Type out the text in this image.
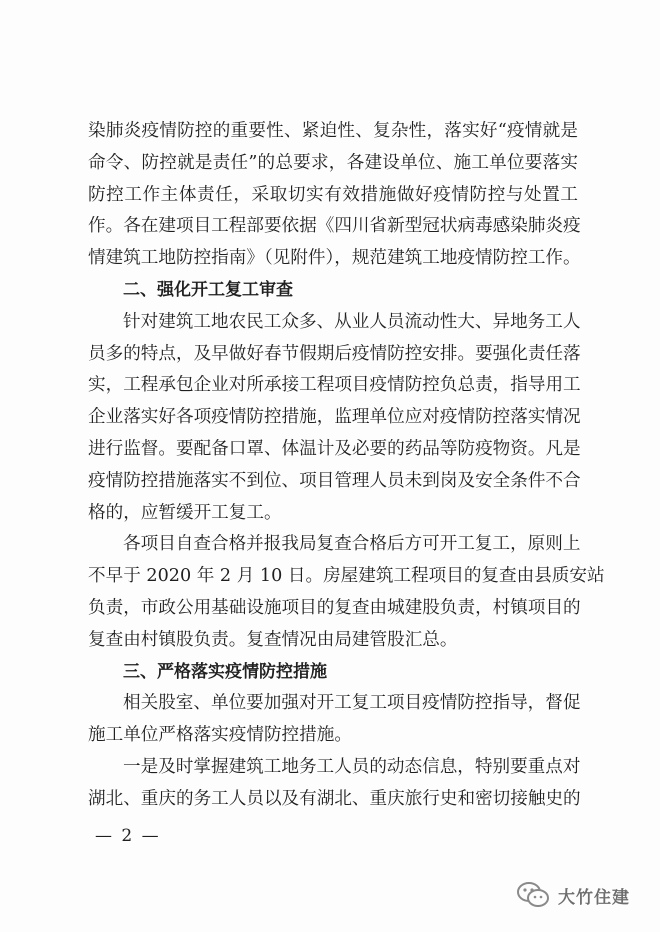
染肺炎疫情防控的重要性、紧迫性、复杂性，落实好“疫情就是
命令、防控就是责任”的总要求，各建设单位、施工单位要落实
防控工作主体责任，采取切实有效措施做好疫情防控与处置工
作。各在建项目工程部要依据《四川省新型冠状病毒感染肺炎疫
情建筑工地防控指南》（见附件），规范建筑工地疫情防控工作。
二、强化开工复工审查
针对建筑工地农民工众多、从业人员流动性大、异地务工人
员多的特点，及早做好春节假期后疫情防控安排。要强化责任落
实，工程承包企业对所承接工程项目疫情防控负总责，指导用工
企业落实好各项疫情防控措施，监理单位应对疫情防控落实情况
进行监督。要配备口罩、体温计及必要的药品等防疫物资。凡是
疫情防控措施落实不到位、项目管理人员未到岗及安全条件不合
格的，应暂缓开工复工。
各项目自查合格并报我局复查合格后方可开工复工，原则上
不早于 2020 年 2 月 10 日。房屋建筑工程项目的复查由县质安站
负责，市政公用基础设施项目的复查由城建股负责，村镇项目的
复查由村镇股负责。复查情况由局建管股汇总。
三、严格落实疫情防控措施
相关股室、单位要加强对开工复工项目疫情防控指导，督促
施工单位严格落实疫情防控措施。
一是及时掌握建筑工地务工人员的动态信息，特别要重点对
湖北、重庆的务工人员以及有湖北、重庆旅行史和密切接触史的
— 2 —
大竹住建
